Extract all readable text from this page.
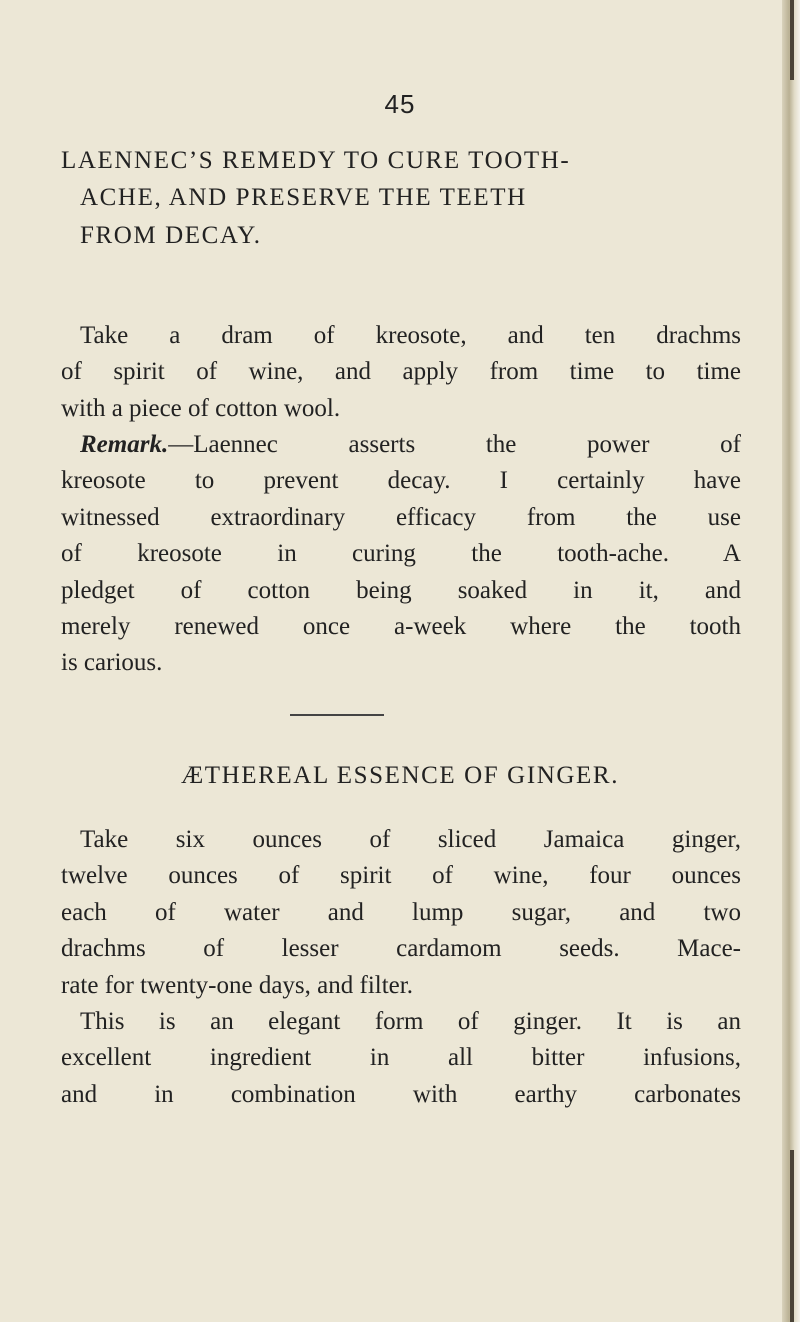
45
LAENNEC’S REMEDY TO CURE TOOTH-
ACHE, AND PRESERVE THE TEETH
FROM DECAY.
Take a dram of kreosote, and ten drachms
of spirit of wine, and apply from time to time
with a piece of cotton wool.
Remark.—Laennec asserts the power of
kreosote to prevent decay. I certainly have
witnessed extraordinary efficacy from the use
of kreosote in curing the tooth-ache. A
pledget of cotton being soaked in it, and
merely renewed once a-week where the tooth
is carious.
ÆTHEREAL ESSENCE OF GINGER.
Take six ounces of sliced Jamaica ginger,
twelve ounces of spirit of wine, four ounces
each of water and lump sugar, and two
drachms of lesser cardamom seeds. Mace-
rate for twenty-one days, and filter.
This is an elegant form of ginger. It is an
excellent ingredient in all bitter infusions,
and in combination with earthy carbonates
